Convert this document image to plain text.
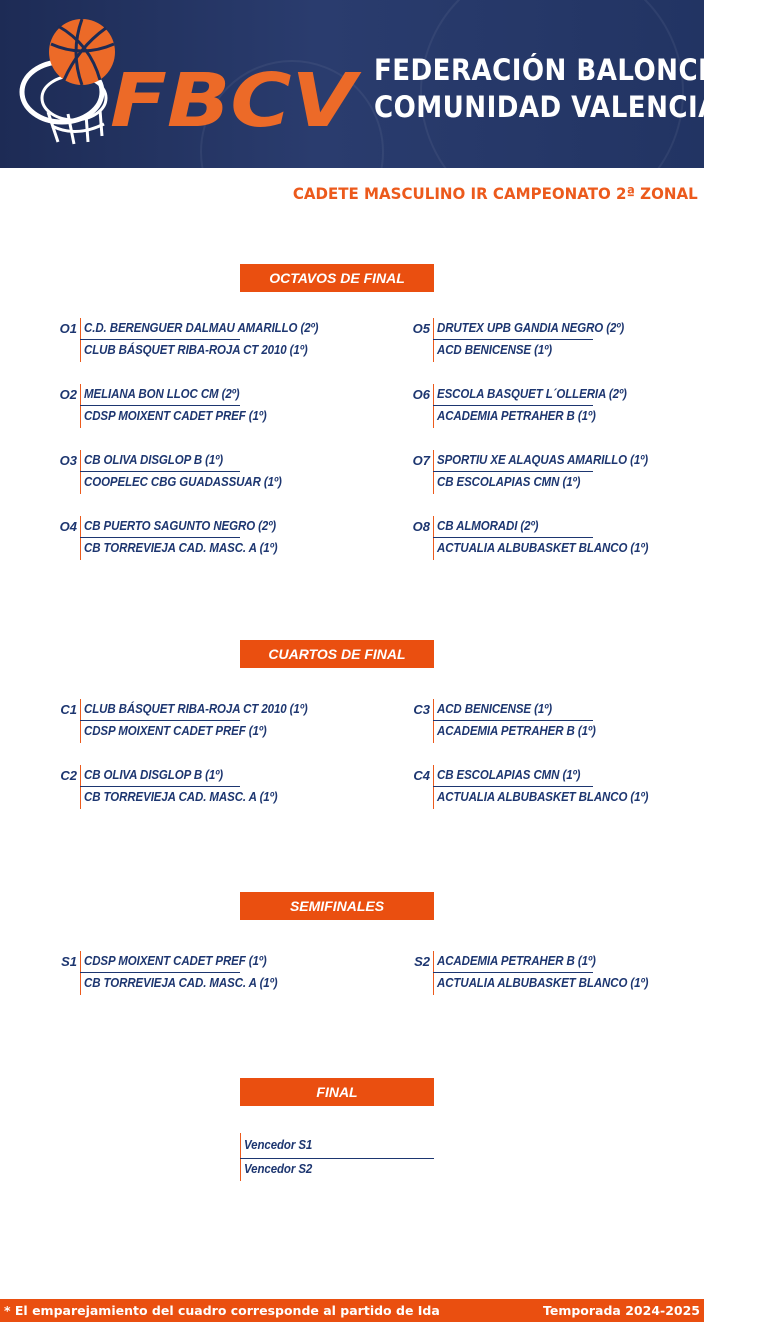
FBCV FEDERACIÓN BALONCESTO
COMUNIDAD VALENCIANA
CADETE MASCULINO IR CAMPEONATO 2ª ZONAL
OCTAVOS DE FINAL
O1 C.D. BERENGUER DALMAU AMARILLO (2º)
CLUB BÁSQUET RIBA-ROJA CT 2010 (1º)
O2 MELIANA BON LLOC CM (2º)
CDSP MOIXENT CADET PREF (1º)
O3 CB OLIVA DISGLOP B (1º)
COOPELEC CBG GUADASSUAR (1º)
O4 CB PUERTO SAGUNTO NEGRO (2º)
CB TORREVIEJA CAD. MASC. A (1º)
O5 DRUTEX UPB GANDIA NEGRO (2º)
ACD BENICENSE (1º)
O6 ESCOLA BASQUET L´OLLERIA (2º)
ACADEMIA PETRAHER B (1º)
O7 SPORTIU XE ALAQUAS AMARILLO (1º)
CB ESCOLAPIAS CMN (1º)
O8 CB ALMORADI (2º)
ACTUALIA ALBUBASKET BLANCO (1º)
CUARTOS DE FINAL
C1 CLUB BÁSQUET RIBA-ROJA CT 2010 (1º)
CDSP MOIXENT CADET PREF (1º)
C2 CB OLIVA DISGLOP B (1º)
CB TORREVIEJA CAD. MASC. A (1º)
C3 ACD BENICENSE (1º)
ACADEMIA PETRAHER B (1º)
C4 CB ESCOLAPIAS CMN (1º)
ACTUALIA ALBUBASKET BLANCO (1º)
SEMIFINALES
S1 CDSP MOIXENT CADET PREF (1º)
CB TORREVIEJA CAD. MASC. A (1º)
S2 ACADEMIA PETRAHER B (1º)
ACTUALIA ALBUBASKET BLANCO (1º)
FINAL
Vencedor S1
Vencedor S2
* El emparejamiento del cuadro corresponde al partido de Ida	Temporada 2024-2025
